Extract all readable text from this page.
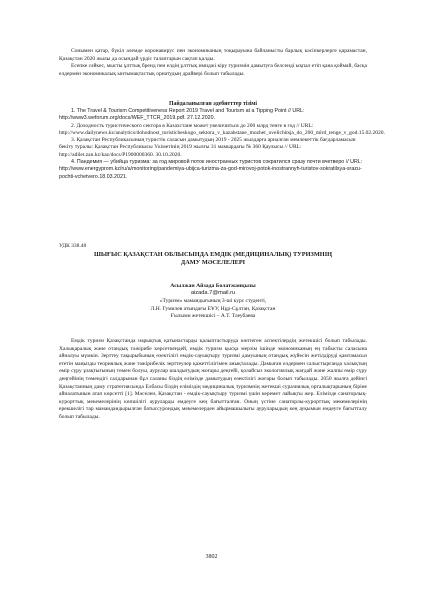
Сонымен қатар, бүкіл әлемде коронавирус пен экономиканың тоқырауына байланысты барлық кәсіпкерлерге қарамастан, Қазақстан 2020 жылы да осындай үрдіс талаптарын сақтап қалды.

Есепке сәйкес, мысты ұлттық бренд пен елдің ұлттық имиджі кіру туризмін дамытуға белсенді ықпал етіп қана қоймай, басқа елдермен экономикалық ынтымақтастық орнатудың драйвері болып табылады.

Пайдаланылған әдебиеттер тізімі

1. The Travel & Tourism Competitiveness Report 2019 Travel and Tourism at a Tipping Point // URL: http://www3.weforum.org/docs/WEF_TTCR_2019.pdf. 27.12.2020.

2. Доходность туристического сектора в Казахстане может увеличиться до 200 млрд тенге в год // URL: http://www.dailynews.kz/analytics/dohodnost_turisticheskogo_sektora_v_kazahstane_mozhet_uvelichitsja_do_200_mlrd_tenge_v_god.15.02.2020.

3. Қазақстан Республикасының туристік саласын дамытудың 2019 - 2025 жылдарға арналған мемлекеттік бағдарламасын бекіту туралы: Қазақстан Республикасы Үкіметінің 2019 жылғы 31 мамырдағы № 360 Қаулысы // URL: http://adilet.zan.kz/kaz/docs/P1900000360. 30.10.2020.

4. Пандемия — убийца туризма: за год мировой поток иностранных туристов сократился сразу почти вчетверо // URL: http://www.energyprom.kz/ru/a/monitoring/pandemiya-ubijca-turizma-za-god-mirovoj-potok-inostrannyh-turistov-sokratilsya-srazu-pochti-vchetvero.18.03.2021.

УДК 338.48

ШЫҒЫС ҚАЗАҚСТАН ОБЛЫСЫНДА ЕМДІК (МЕДИЦИНАЛЫҚ) ТУРИЗМНІҢ

ДАМУ МӘСЕЛЕЛЕРІ

Асылжан Айзада Болатжанқызы

aizada.7@mail.ru

«Туризм» мамандығының 3-ші курс студенті,

Л.Н. Гумилев атындағы ЕҰУ, Нұр-Сұлтан, Қазақстан

Ғылыми жетекшісі – А.Т. Тлеубаева

Емдік туризм Қазақстанда нарықтық қатынастарды қалыптастыруда көптеген аспектілердің жетекшісі болып табылады. Халықаралық және отандық тәжірибе көрсеткендей, емдік туризм қысқа мерзім ішінде экономиканың ең табысты саласына айналуы мүмкін. Зерттеу тақырыбының өзектілігі емдік-сауықтыру туризмі дамуының отандық жүйесін жетілдіруді қамтамасыз ететін маңызды теориялық және тәжірибелік зерттеулер қажеттілігімен анықталады. Дамыған елдермен салыстырғанда халықтың өмір сүру ұзақтығының төмен болуы, аурулар шалдығудың жоғары деңгейі, қолайсыз экологиялық жағдай және жалпы өмір сүру деңгейінің төмендігі салдарынан бұл саланы біздің елімізде дамытудың өзектілігі жоғары болып табылады. 2050 жылға дейінгі Қазақстанның даму стратегиясында Елбасы біздің еліміздің медициналық туризмнің жетекші суразиялық орталықтарының біріне айналатынын атап көрсетті [1]. Мәселен, Қазақстан - емдік-сауықтыру туризмі үшін керемет лайықты жер. Елімізде санаторлық-курорттық мекемелерінің көпшілігі ауруларды емдеуге кең бағытталған. Оның үстіне санаторлы-курорттық мекемелерінің ерекшелігі тар мамандандырылған батыссурондық мекемелерден айырмашылығы ауруларыдың кең ауқымын емдеуге бағытталу болып табылады.

3802
